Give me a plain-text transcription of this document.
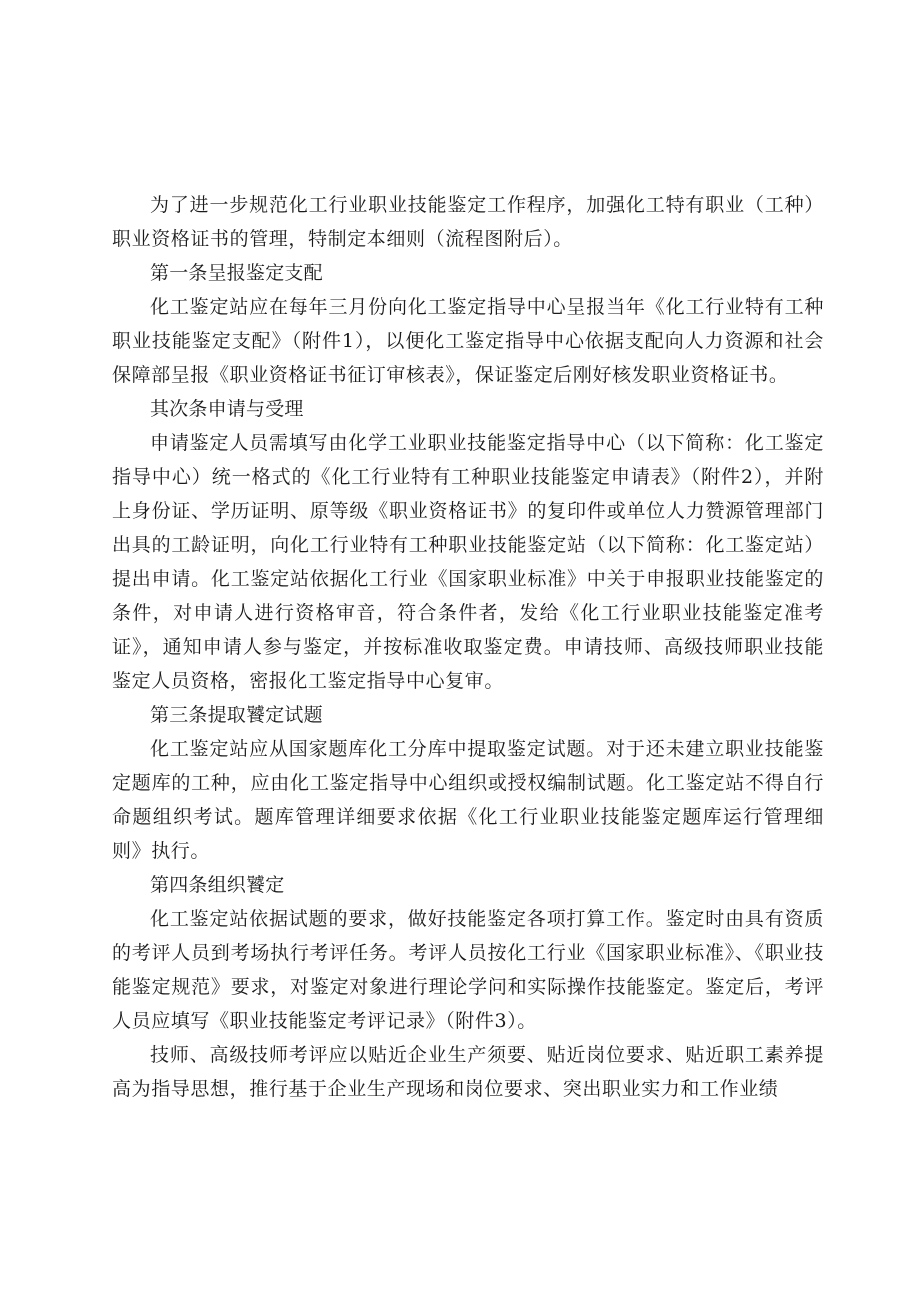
为了进一步规范化工行业职业技能鉴定工作程序，加强化工特有职业（工种）职业资格证书的管理，特制定本细则（流程图附后）。

第一条呈报鉴定支配

化工鉴定站应在每年三月份向化工鉴定指导中心呈报当年《化工行业特有工种职业技能鉴定支配》（附件1），以便化工鉴定指导中心依据支配向人力资源和社会保障部呈报《职业资格证书征订审核表》，保证鉴定后刚好核发职业资格证书。

其次条申请与受理

申请鉴定人员需填写由化学工业职业技能鉴定指导中心（以下简称：化工鉴定指导中心）统一格式的《化工行业特有工种职业技能鉴定申请表》（附件2），并附上身份证、学历证明、原等级《职业资格证书》的复印件或单位人力赞源管理部门出具的工龄证明，向化工行业特有工种职业技能鉴定站（以下简称：化工鉴定站）提出申请。化工鉴定站依据化工行业《国家职业标准》中关于申报职业技能鉴定的条件，对申请人进行资格审音，符合条件者，发给《化工行业职业技能鉴定准考证》，通知申请人参与鉴定，并按标准收取鉴定费。申请技师、高级技师职业技能鉴定人员资格，密报化工鉴定指导中心复审。

第三条提取饕定试题

化工鉴定站应从国家题库化工分库中提取鉴定试题。对于还未建立职业技能鉴定题库的工种，应由化工鉴定指导中心组织或授权编制试题。化工鉴定站不得自行命题组织考试。题库管理详细要求依据《化工行业职业技能鉴定题库运行管理细则》执行。

第四条组织饕定

化工鉴定站依据试题的要求，做好技能鉴定各项打算工作。鉴定时由具有资质的考评人员到考场执行考评任务。考评人员按化工行业《国家职业标准》、《职业技能鉴定规范》要求，对鉴定对象进行理论学问和实际操作技能鉴定。鉴定后，考评人员应填写《职业技能鉴定考评记录》（附件3）。

技师、高级技师考评应以贴近企业生产须要、贴近岗位要求、贴近职工素养提高为指导思想，推行基于企业生产现场和岗位要求、突出职业实力和工作业绩
